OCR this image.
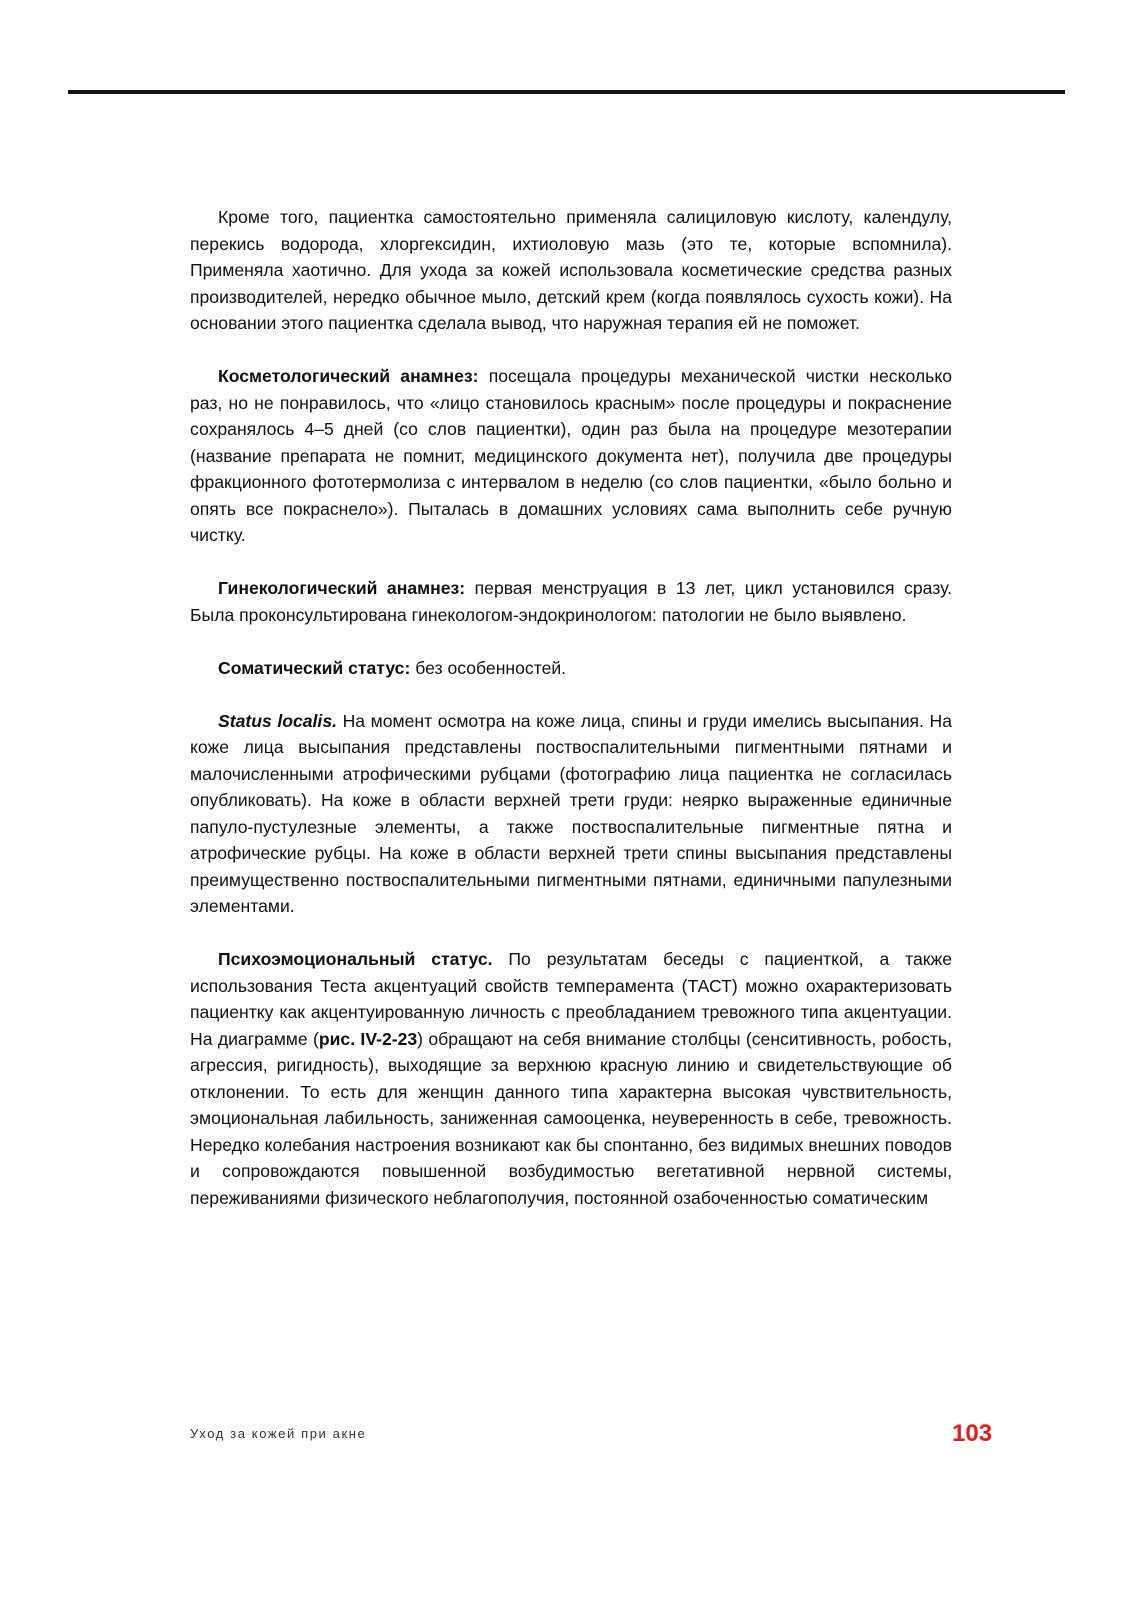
Кроме того, пациентка самостоятельно применяла салициловую кислоту, календулу, перекись водорода, хлоргексидин, ихтиоловую мазь (это те, которые вспомнила). Применяла хаотично. Для ухода за кожей использовала косметические средства разных производителей, нередко обычное мыло, детский крем (когда появлялось сухость кожи). На основании этого пациентка сделала вывод, что наружная терапия ей не поможет.

Косметологический анамнез: посещала процедуры механической чистки несколько раз, но не понравилось, что «лицо становилось красным» после процедуры и покраснение сохранялось 4–5 дней (со слов пациентки), один раз была на процедуре мезотерапии (название препарата не помнит, медицинского документа нет), получила две процедуры фракционного фототермолиза с интервалом в неделю (со слов пациентки, «было больно и опять все покраснело»). Пыталась в домашних условиях сама выполнить себе ручную чистку.

Гинекологический анамнез: первая менструация в 13 лет, цикл установился сразу. Была проконсультирована гинекологом-эндокринологом: патологии не было выявлено.

Соматический статус: без особенностей.

Status localis. На момент осмотра на коже лица, спины и груди имелись высыпания. На коже лица высыпания представлены поствоспалительными пигментными пятнами и малочисленными атрофическими рубцами (фотографию лица пациентка не согласилась опубликовать). На коже в области верхней трети груди: неярко выраженные единичные папуло-пустулезные элементы, а также поствоспалительные пигментные пятна и атрофические рубцы. На коже в области верхней трети спины высыпания представлены преимущественно поствоспалительными пигментными пятнами, единичными папулезными элементами.

Психоэмоциональный статус. По результатам беседы с пациенткой, а также использования Теста акцентуаций свойств темперамента (ТАСТ) можно охарактеризовать пациентку как акцентуированную личность с преобладанием тревожного типа акцентуации. На диаграмме (рис. IV-2-23) обращают на себя внимание столбцы (сенситивность, робость, агрессия, ригидность), выходящие за верхнюю красную линию и свидетельствующие об отклонении. То есть для женщин данного типа характерна высокая чувствительность, эмоциональная лабильность, заниженная самооценка, неуверенность в себе, тревожность. Нередко колебания настроения возникают как бы спонтанно, без видимых внешних поводов и сопровождаются повышенной возбудимостью вегетативной нервной системы, переживаниями физического неблагополучия, постоянной озабоченностью соматическим

Уход за кожей при акне	103
